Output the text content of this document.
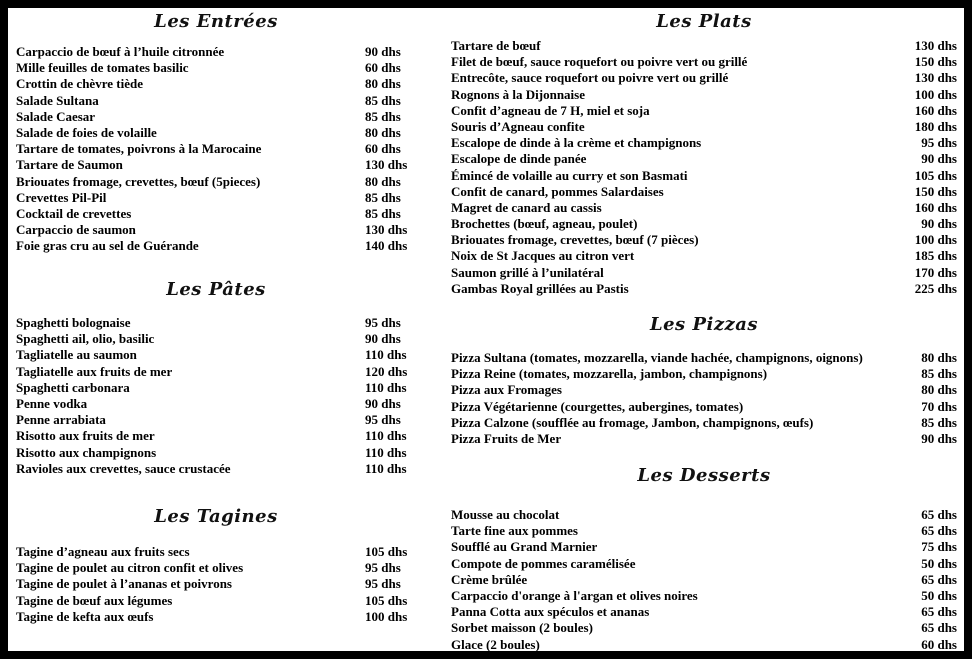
Les Entrées
Carpaccio de bœuf à l’huile citronnée	90 dhs
Mille feuilles de tomates basilic	60 dhs
Crottin de chèvre tiède	80 dhs
Salade Sultana	85 dhs
Salade Caesar	85 dhs
Salade de foies de volaille	80 dhs
Tartare de tomates, poivrons à la Marocaine	60 dhs
Tartare de Saumon	130 dhs
Briouates fromage, crevettes, bœuf (5pieces)	80 dhs
Crevettes Pil-Pil	85 dhs
Cocktail de crevettes	85 dhs
Carpaccio de saumon	130 dhs
Foie gras cru au sel de Guérande	140 dhs
Les Pâtes
Spaghetti bolognaise	95 dhs
Spaghetti ail, olio, basilic	90 dhs
Tagliatelle au saumon	110 dhs
Tagliatelle aux fruits de mer	120 dhs
Spaghetti carbonara	110 dhs
Penne vodka	90 dhs
Penne arrabiata	95 dhs
Risotto aux fruits de mer	110 dhs
Risotto aux champignons	110 dhs
Ravioles aux crevettes, sauce crustacée	110 dhs
Les Tagines
Tagine d’agneau aux fruits secs	105 dhs
Tagine de poulet au citron confit et olives	95 dhs
Tagine de poulet à l’ananas et poivrons	95 dhs
Tagine de bœuf aux légumes	105 dhs
Tagine de kefta aux œufs	100 dhs
Les Plats
Tartare de bœuf	130 dhs
Filet de bœuf, sauce roquefort ou poivre vert ou grillé	150 dhs
Entrecôte, sauce roquefort ou poivre vert ou grillé	130 dhs
Rognons à la Dijonnaise	100 dhs
Confit d’agneau de 7 H, miel et soja	160 dhs
Souris d’Agneau confite	180 dhs
Escalope de dinde à la crème et champignons	95 dhs
Escalope de dinde panée	90 dhs
Émincé de volaille au curry et son Basmati	105 dhs
Confit de canard, pommes Salardaises	150 dhs
Magret de canard au cassis	160 dhs
Brochettes (bœuf, agneau, poulet)	90 dhs
Briouates fromage, crevettes, bœuf (7 pièces)	100 dhs
Noix de St Jacques au citron vert	185 dhs
Saumon grillé à l’unilatéral	170 dhs
Gambas Royal grillées au Pastis	225 dhs
Les Pizzas
Pizza Sultana (tomates, mozzarella, viande hachée, champignons, oignons)	80 dhs
Pizza Reine (tomates, mozzarella, jambon, champignons)	85 dhs
Pizza aux Fromages	80 dhs
Pizza Végétarienne (courgettes, aubergines, tomates)	70 dhs
Pizza Calzone (soufflée au fromage, Jambon, champignons, œufs)	85 dhs
Pizza Fruits de Mer	90 dhs
Les Desserts
Mousse au chocolat	65 dhs
Tarte fine aux pommes	65 dhs
Soufflé au Grand Marnier	75 dhs
Compote de pommes caramélisée	50 dhs
Crème brûlée	65 dhs
Carpaccio d'orange à l'argan et olives noires	50 dhs
Panna Cotta aux spéculos et ananas	65 dhs
Sorbet maisson (2 boules)	65 dhs
Glace (2 boules)	60 dhs
